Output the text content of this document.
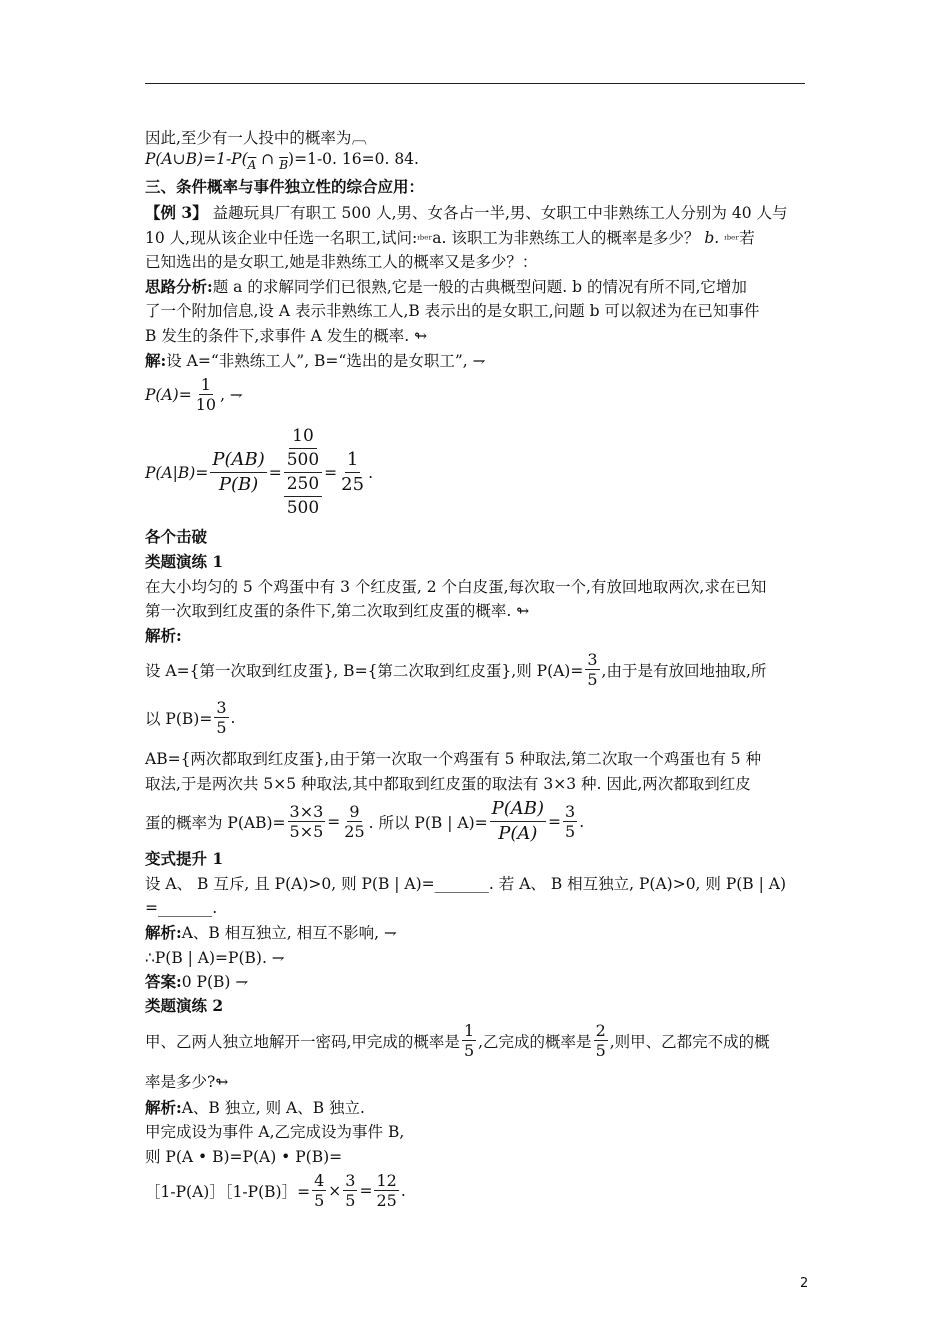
因此,至少有一人投中的概率为︹
$P(A\cup B)=1-P(\overline{A}$ ∩ $\overline{B})=1-0$. 16=0. 84.
三、条件概率与事件独立性的综合应用：
【例 3】 益趣玩具厂有职工 500 人,男、女各占一半,男、女职工中非熟练工人分别为 40 人与
10 人,现从该企业中任选一名职工,试问:ᶦᵇᵉʳa. 该职工为非熟练工人的概率是多少？ b. ᶦᵇᵉʳ若
已知选出的是女职工,她是非熟练工人的概率又是多少？：
思路分析:题 a 的求解同学们已很熟,它是一般的古典概型问题. b 的情况有所不同,它增加
了一个附加信息,设 A 表示非熟练工人,B 表示出的是女职工,问题 b 可以叙述为在已知事件
B 发生的条件下,求事件 A 发生的概率. ↬
解:设 A=“非熟练工人”, B=“选出的是女职工”, ⇁
$P(A)= \frac{1}{10}$ , ⇁
$P(A|B)= \frac{P(AB)}{P(B)}$ =
10
500
250
500
= $\frac{1}{25}$ .
各个击破
类题演练 1
在大小均匀的 5 个鸡蛋中有 3 个红皮蛋, 2 个白皮蛋,每次取一个,有放回地取两次,求在已知
第一次取到红皮蛋的条件下,第二次取到红皮蛋的概率. ↬
解析:
设 A={第一次取到红皮蛋}, B={第二次取到红皮蛋},则 $P(A)= \frac{3}{5}$ ,由于是有放回地抽取,所
以 $P(B)= \frac{3}{5}$ .
AB={两次都取到红皮蛋},由于第一次取一个鸡蛋有 5 种取法,第二次取一个鸡蛋也有 5 种
取法,于是两次共 5×5 种取法,其中都取到红皮蛋的取法有 3×3 种. 因此,两次都取到红皮
蛋的概率为 $P(AB)= \frac{3\times 3}{5\times 5} = \frac{9}{25}$ . 所以 P(B | $A)= \frac{P(AB)}{P(A)} = \frac{3}{5}$ .
变式提升 1
设 A、 B 互斥, 且 P(A)>0, 则 P(B | A)=_______. 若 A、 B 相互独立, P(A)>0, 则 P(B | A)
=_______.
解析:A、B 相互独立, 相互不影响, ⇁
∴P(B | A)=P(B). ⇁
答案:0 P(B) ⇁
类题演练 2
甲、乙两人独立地解开一密码,甲完成的概率是 $\frac{1}{5}$ ,乙完成的概率是 $\frac{2}{5}$ ,则甲、乙都完不成的概
率是多少?↬
解析:A、B 独立, 则 A、B 独立.
甲完成设为事件 A,乙完成设为事件 B,
则 P(A • B)=P(A) • P(B)=
［1-P(A)］［1-P(B)］= $\frac{4}{5} \times \frac{3}{5} = \frac{12}{25}$ .
2
